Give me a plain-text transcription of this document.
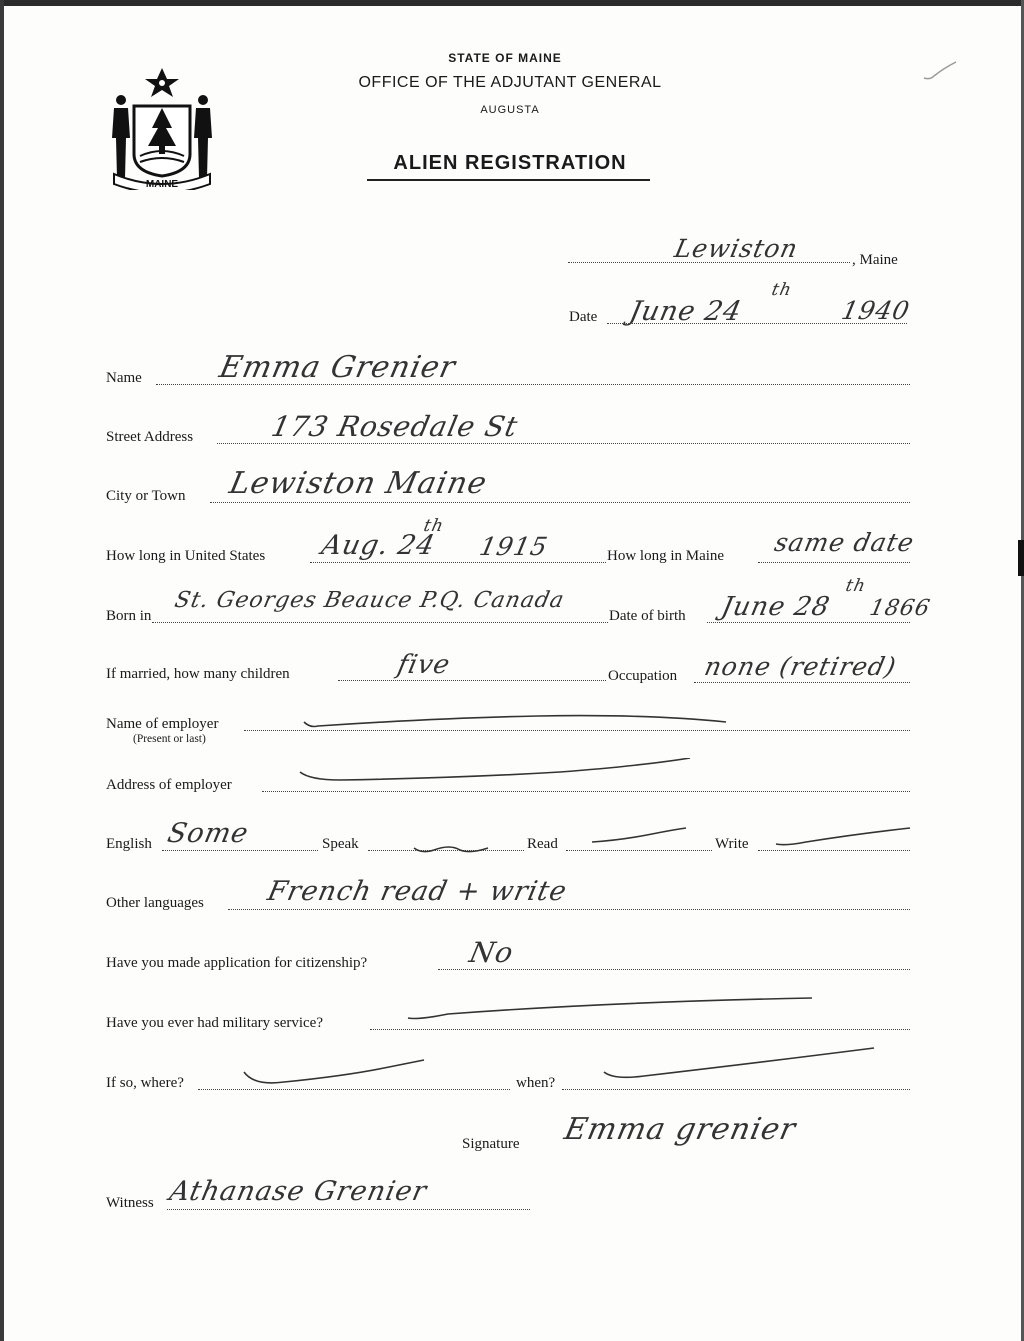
MAINE
STATE OF MAINE
OFFICE OF THE ADJUTANT GENERAL
AUGUSTA
ALIEN REGISTRATION
Lewiston	, Maine
Date June 24
th
1940
Name Emma Grenier
Street Address	173 Rosedale St
City or Town Lewiston Maine
How long in United States Aug. 24
th
1915	How long in Maine same date
Born in
St. Georges Beauce P.Q. Canada
Date of birth June 28
th
1866
If married, how many children	five	Occupation none (retired)
Name of employer
(Present or last)
Address of employer
English Some	Speak	Read	Write
Other languages French read + write
Have you made application for citizenship?	No
Have you ever had military service?
If so, where?	when?
Signature Emma grenier
Witness Athanase Grenier
